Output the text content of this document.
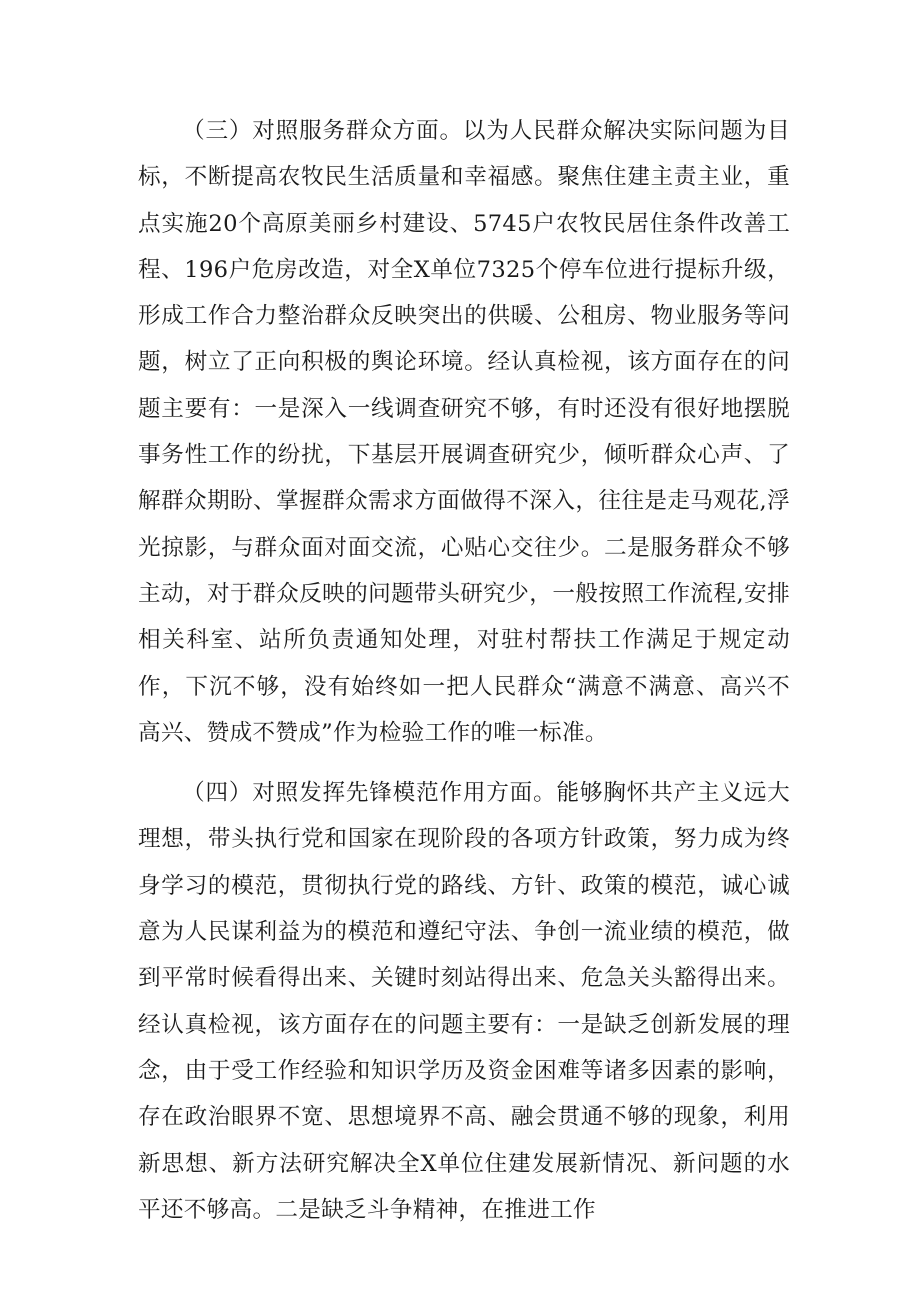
（三）对照服务群众方面。以为人民群众解决实际问题为目标，不断提高农牧民生活质量和幸福感。聚焦住建主责主业，重点实施20个高原美丽乡村建设、5745户农牧民居住条件改善工程、196户危房改造，对全X单位7325个停车位进行提标升级，形成工作合力整治群众反映突出的供暖、公租房、物业服务等问题，树立了正向积极的舆论环境。经认真检视，该方面存在的问题主要有：一是深入一线调查研究不够，有时还没有很好地摆脱事务性工作的纷扰，下基层开展调查研究少，倾听群众心声、了解群众期盼、掌握群众需求方面做得不深入，往往是走马观花,浮光掠影，与群众面对面交流，心贴心交往少。二是服务群众不够主动，对于群众反映的问题带头研究少，一般按照工作流程,安排相关科室、站所负责通知处理，对驻村帮扶工作满足于规定动作，下沉不够，没有始终如一把人民群众“满意不满意、高兴不高兴、赞成不赞成”作为检验工作的唯一标准。

（四）对照发挥先锋模范作用方面。能够胸怀共产主义远大理想，带头执行党和国家在现阶段的各项方针政策，努力成为终身学习的模范，贯彻执行党的路线、方针、政策的模范，诚心诚意为人民谋利益为的模范和遵纪守法、争创一流业绩的模范，做到平常时候看得出来、关键时刻站得出来、危急关头豁得出来。经认真检视，该方面存在的问题主要有：一是缺乏创新发展的理念，由于受工作经验和知识学历及资金困难等诸多因素的影响，存在政治眼界不宽、思想境界不高、融会贯通不够的现象，利用新思想、新方法研究解决全X单位住建发展新情况、新问题的水平还不够高。二是缺乏斗争精神，在推进工作
